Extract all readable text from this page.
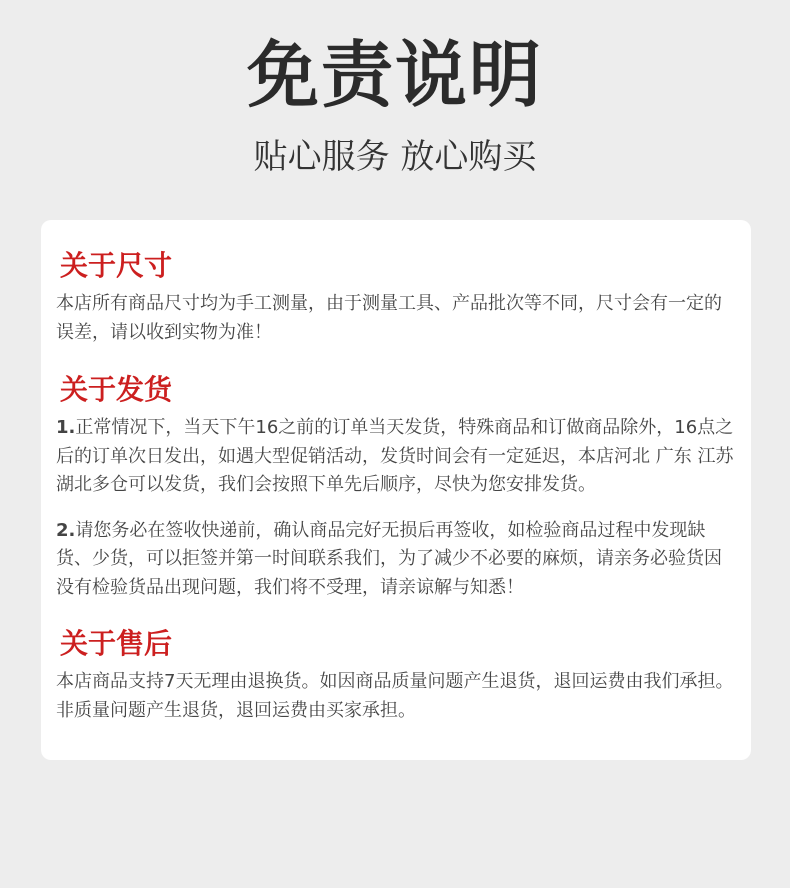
免责说明
贴心服务 放心购买
关于尺寸

本店所有商品尺寸均为手工测量，由于测量工具、产品批次等不同，尺寸会有一定的误差，请以收到实物为准！

关于发货

1.正常情况下，当天下午16之前的订单当天发货，特殊商品和订做商品除外，16点之后的订单次日发出，如遇大型促销活动，发货时间会有一定延迟，本店河北 广东 江苏 湖北多仓可以发货，我们会按照下单先后顺序，尽快为您安排发货。

2.请您务必在签收快递前，确认商品完好无损后再签收，如检验商品过程中发现缺货、少货，可以拒签并第一时间联系我们，为了减少不必要的麻烦，请亲务必验货因没有检验货品出现问题，我们将不受理，请亲谅解与知悉！

关于售后

本店商品支持7天无理由退换货。如因商品质量问题产生退货，退回运费由我们承担。非质量问题产生退货，退回运费由买家承担。
